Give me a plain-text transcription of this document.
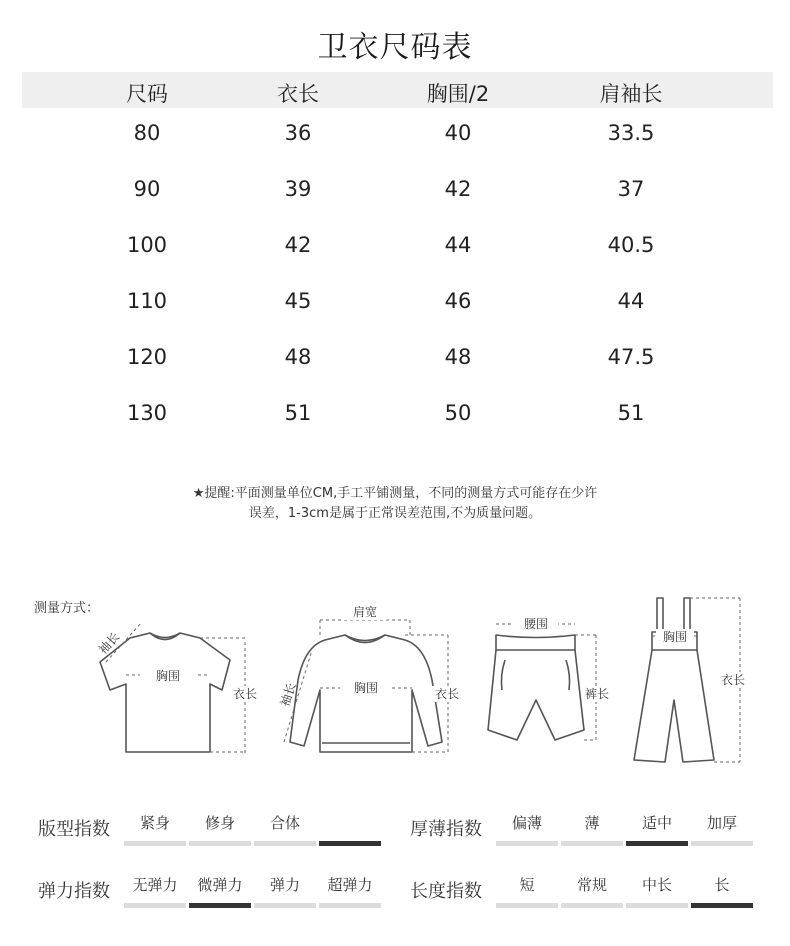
卫衣尺码表
尺码	衣长	胸围/2	肩袖长
80	36	40	33.5
90	39	42	37
100	42	44	40.5
110	45	46	44
120	48	48	47.5
130	51	50	51
★提醒:平面测量单位CM,手工平铺测量，不同的测量方式可能存在少许
误差，1-3cm是属于正常误差范围,不为质量问题。
测量方式：
胸围
衣长
袖长
胸围
肩宽
衣长
袖长
腰围
裤长
胸围
衣长
版型指数	紧身	修身	合体	厚薄指数	偏薄	薄	适中	加厚
弹力指数	无弹力	微弹力	弹力	超弹力	长度指数	短	常规	中长	长
